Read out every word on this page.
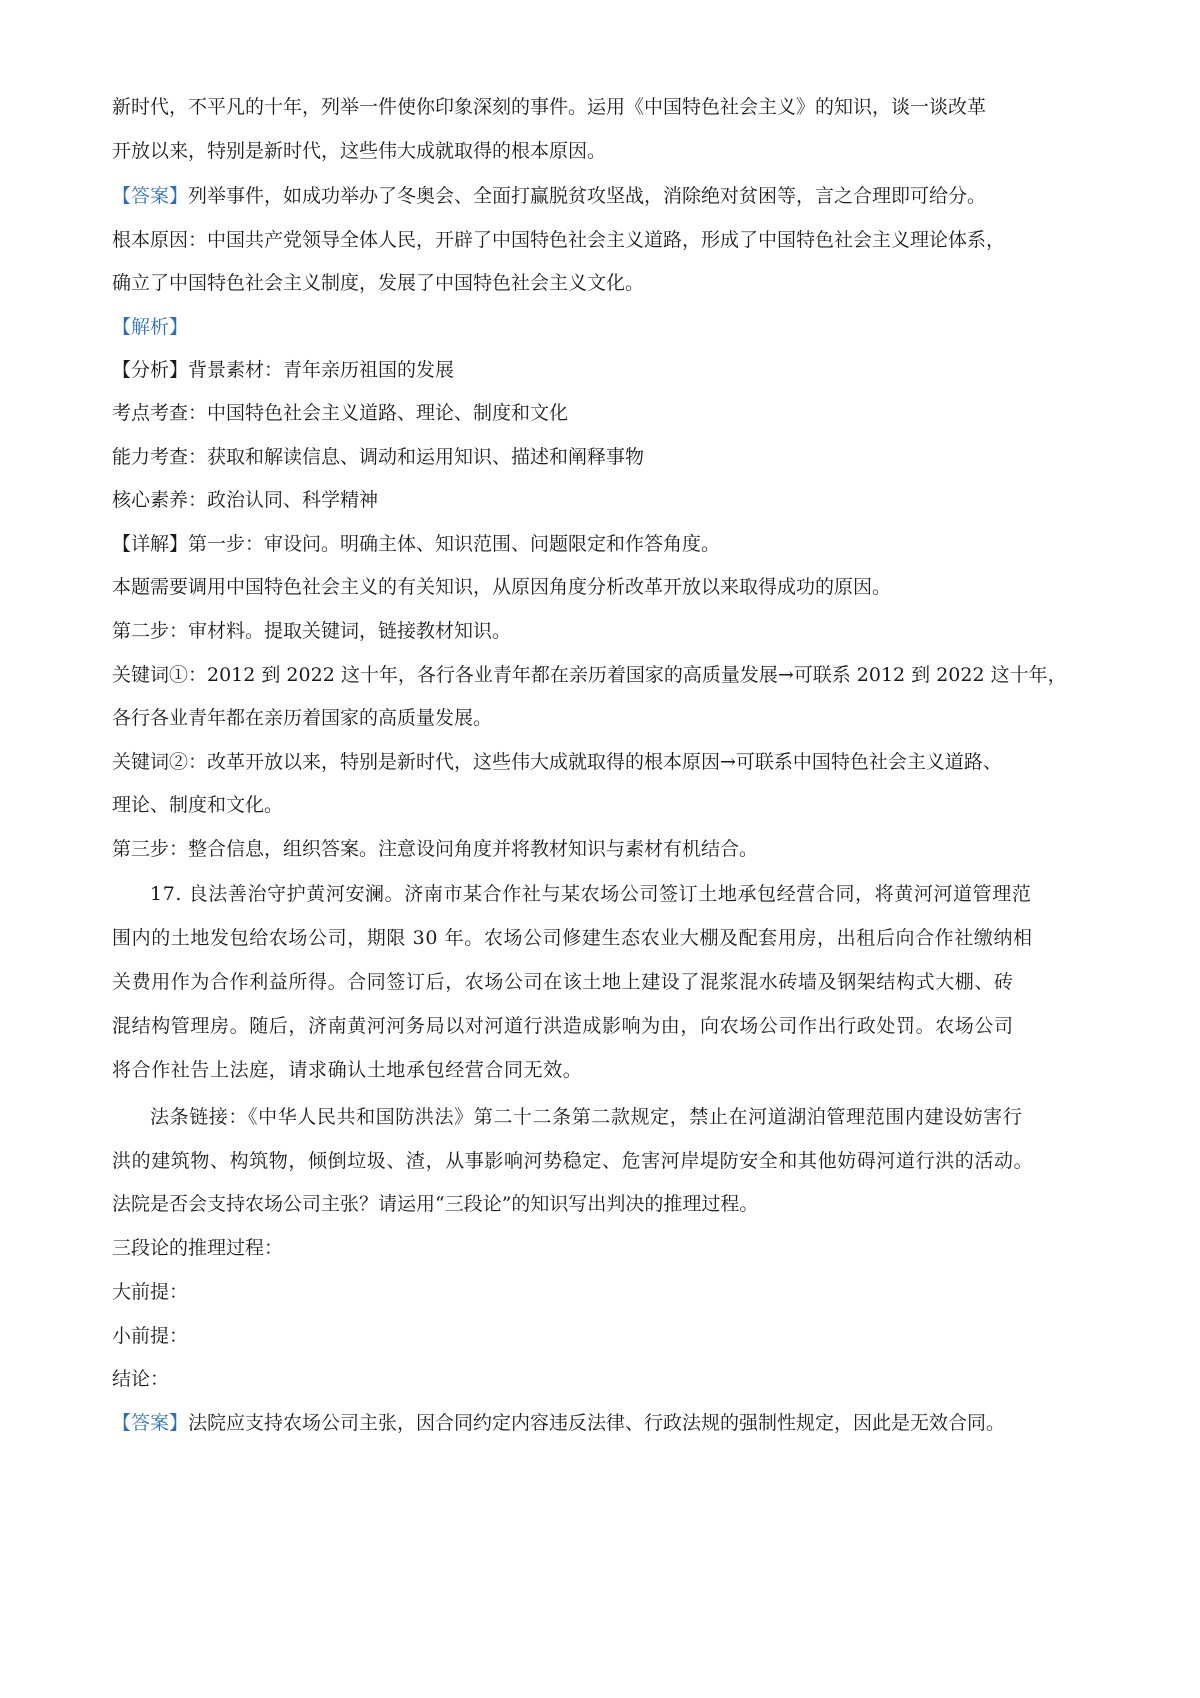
新时代，不平凡的十年，列举一件使你印象深刻的事件。运用《中国特色社会主义》的知识，谈一谈改革
开放以来，特别是新时代，这些伟大成就取得的根本原因。
【答案】列举事件，如成功举办了冬奥会、全面打赢脱贫攻坚战，消除绝对贫困等，言之合理即可给分。
根本原因：中国共产党领导全体人民，开辟了中国特色社会主义道路，形成了中国特色社会主义理论体系，
确立了中国特色社会主义制度，发展了中国特色社会主义文化。
【解析】
【分析】背景素材：青年亲历祖国的发展
考点考查：中国特色社会主义道路、理论、制度和文化
能力考查：获取和解读信息、调动和运用知识、描述和阐释事物
核心素养：政治认同、科学精神
【详解】第一步：审设问。明确主体、知识范围、问题限定和作答角度。
本题需要调用中国特色社会主义的有关知识，从原因角度分析改革开放以来取得成功的原因。
第二步：审材料。提取关键词，链接教材知识。
关键词①：2012 到 2022 这十年，各行各业青年都在亲历着国家的高质量发展→可联系 2012 到 2022 这十年，
各行各业青年都在亲历着国家的高质量发展。
关键词②：改革开放以来，特别是新时代，这些伟大成就取得的根本原因→可联系中国特色社会主义道路、
理论、制度和文化。
第三步：整合信息，组织答案。注意设问角度并将教材知识与素材有机结合。
17. 良法善治守护黄河安澜。济南市某合作社与某农场公司签订土地承包经营合同，将黄河河道管理范
围内的土地发包给农场公司，期限 30 年。农场公司修建生态农业大棚及配套用房，出租后向合作社缴纳相
关费用作为合作利益所得。合同签订后，农场公司在该土地上建设了混浆混水砖墙及钢架结构式大棚、砖
混结构管理房。随后，济南黄河河务局以对河道行洪造成影响为由，向农场公司作出行政处罚。农场公司
将合作社告上法庭，请求确认土地承包经营合同无效。
法条链接：《中华人民共和国防洪法》第二十二条第二款规定，禁止在河道湖泊管理范围内建设妨害行
洪的建筑物、构筑物，倾倒垃圾、渣，从事影响河势稳定、危害河岸堤防安全和其他妨碍河道行洪的活动。
法院是否会支持农场公司主张？请运用“三段论”的知识写出判决的推理过程。
三段论的推理过程：
大前提：
小前提：
结论：
【答案】法院应支持农场公司主张，因合同约定内容违反法律、行政法规的强制性规定，因此是无效合同。
